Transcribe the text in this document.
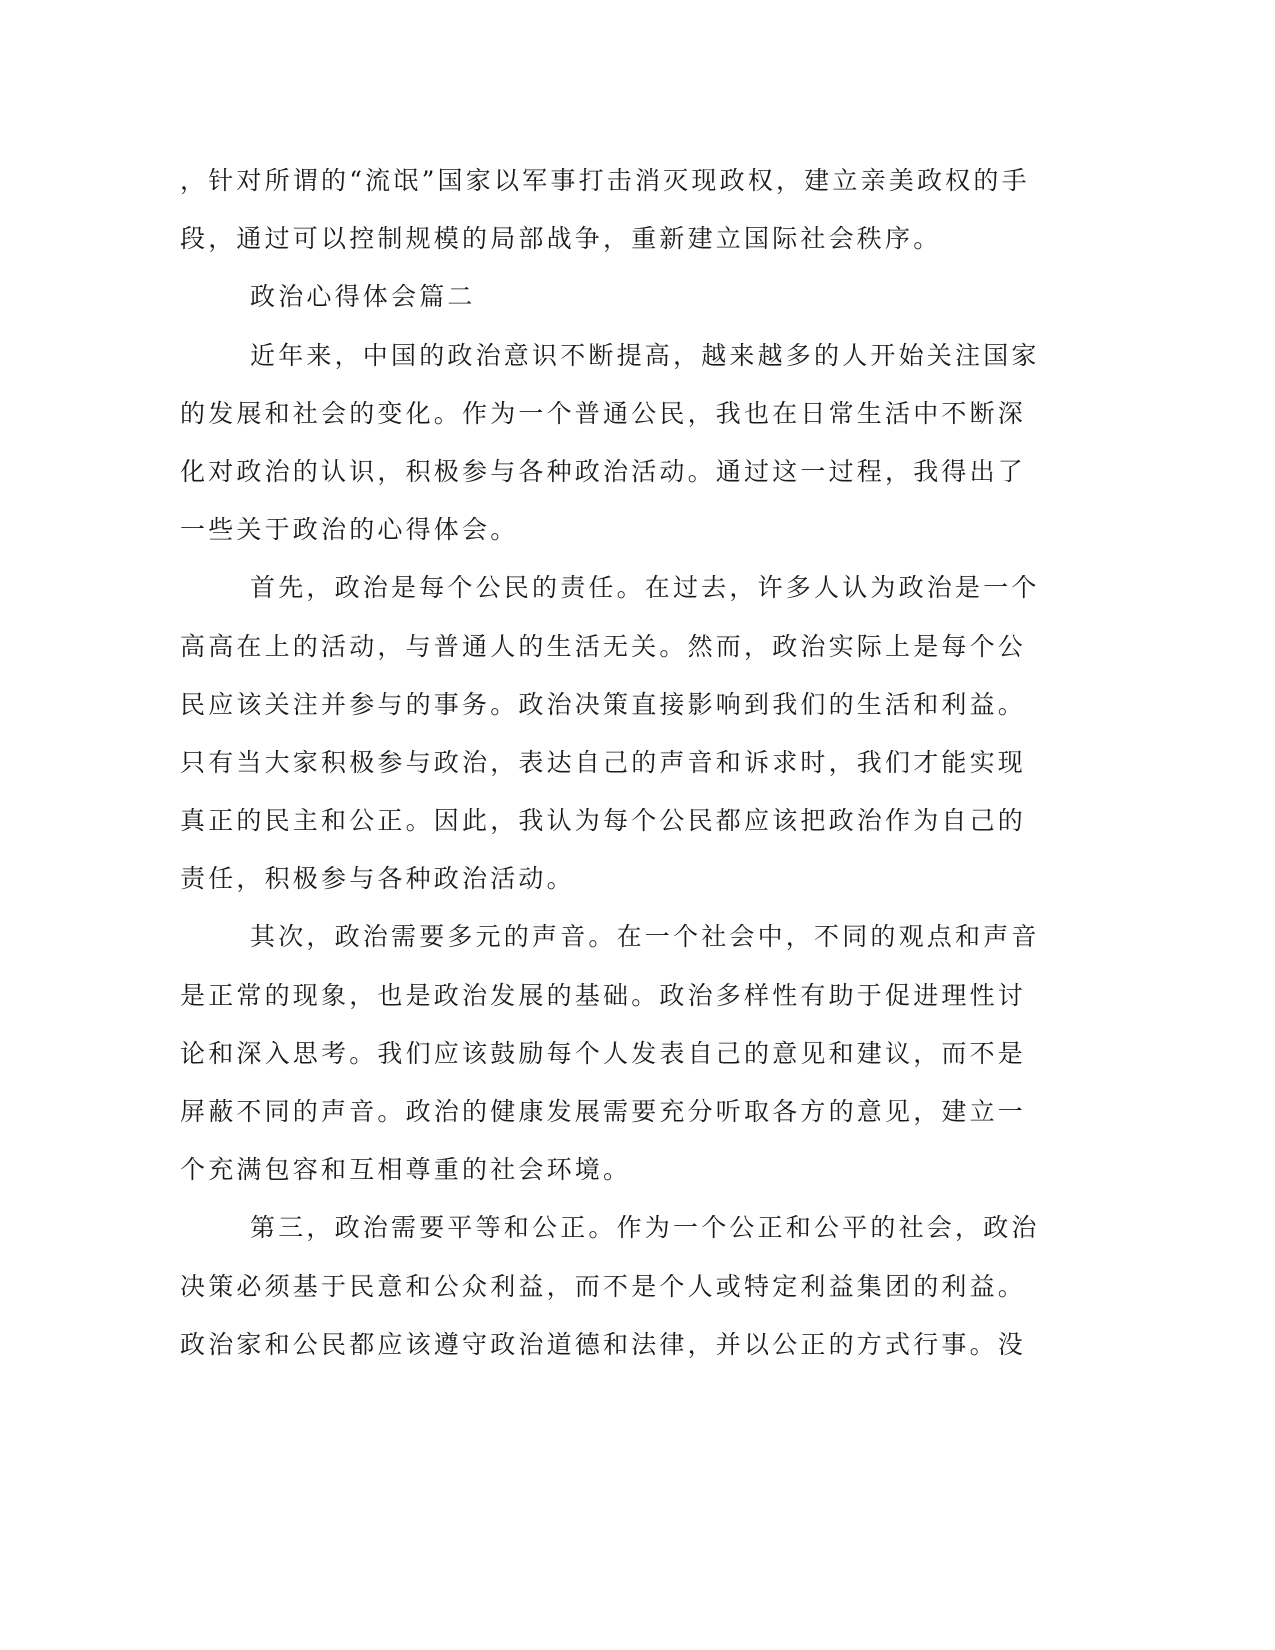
，针对所谓的“流氓”国家以军事打击消灭现政权，建立亲美政权的手
段，通过可以控制规模的局部战争，重新建立国际社会秩序。
政治心得体会篇二
近年来，中国的政治意识不断提高，越来越多的人开始关注国家
的发展和社会的变化。作为一个普通公民，我也在日常生活中不断深
化对政治的认识，积极参与各种政治活动。通过这一过程，我得出了
一些关于政治的心得体会。
首先，政治是每个公民的责任。在过去，许多人认为政治是一个
高高在上的活动，与普通人的生活无关。然而，政治实际上是每个公
民应该关注并参与的事务。政治决策直接影响到我们的生活和利益。
只有当大家积极参与政治，表达自己的声音和诉求时，我们才能实现
真正的民主和公正。因此，我认为每个公民都应该把政治作为自己的
责任，积极参与各种政治活动。
其次，政治需要多元的声音。在一个社会中，不同的观点和声音
是正常的现象，也是政治发展的基础。政治多样性有助于促进理性讨
论和深入思考。我们应该鼓励每个人发表自己的意见和建议，而不是
屏蔽不同的声音。政治的健康发展需要充分听取各方的意见，建立一
个充满包容和互相尊重的社会环境。
第三，政治需要平等和公正。作为一个公正和公平的社会，政治
决策必须基于民意和公众利益，而不是个人或特定利益集团的利益。
政治家和公民都应该遵守政治道德和法律，并以公正的方式行事。没
